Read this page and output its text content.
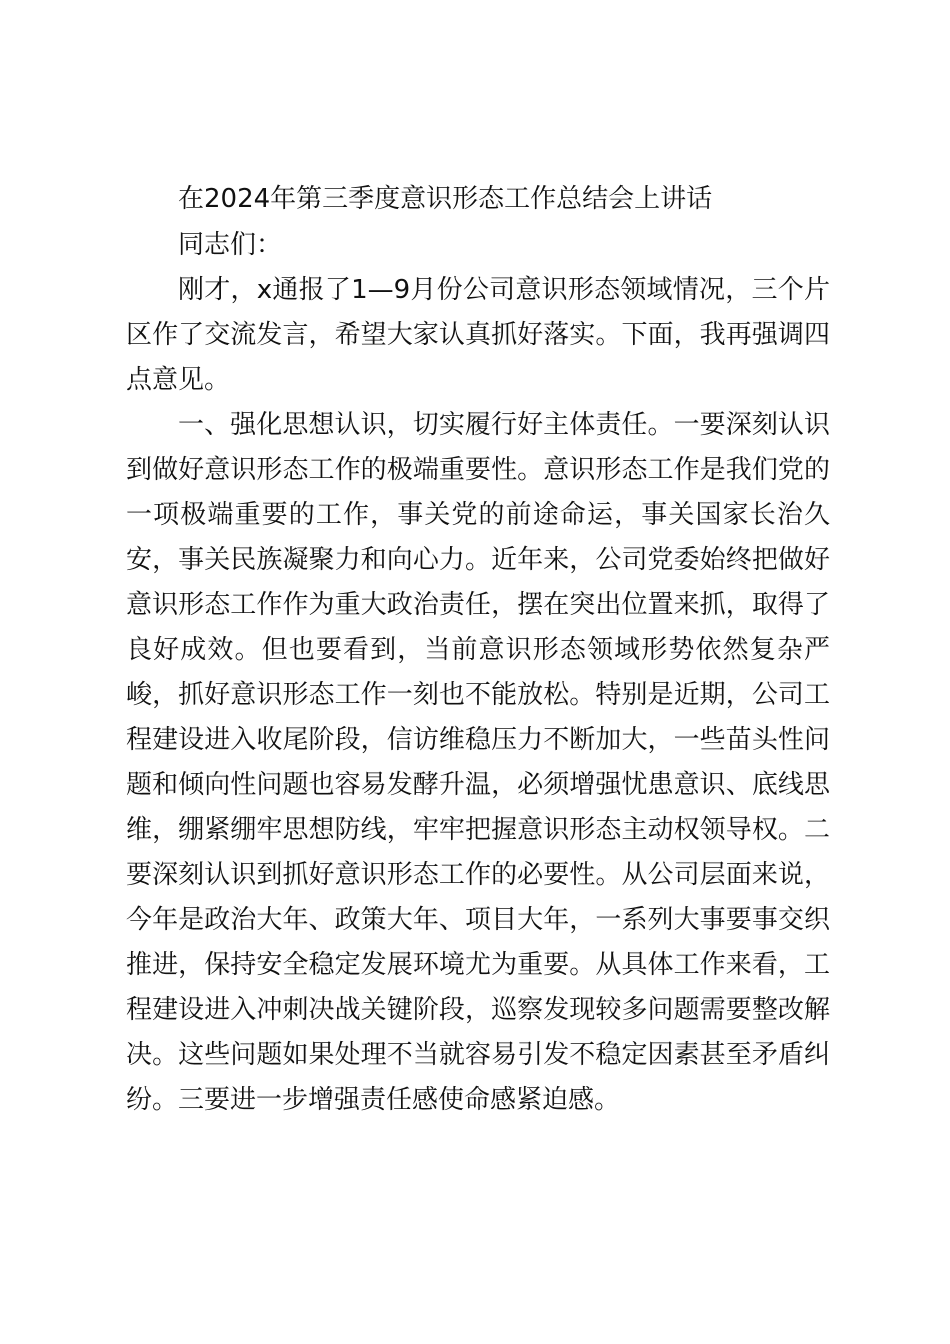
在2024年第三季度意识形态工作总结会上讲话

同志们：

刚才，x通报了1—9月份公司意识形态领域情况，三个片区作了交流发言，希望大家认真抓好落实。下面，我再强调四点意见。

一、强化思想认识，切实履行好主体责任。一要深刻认识到做好意识形态工作的极端重要性。意识形态工作是我们党的一项极端重要的工作，事关党的前途命运，事关国家长治久安，事关民族凝聚力和向心力。近年来，公司党委始终把做好意识形态工作作为重大政治责任，摆在突出位置来抓，取得了良好成效。但也要看到，当前意识形态领域形势依然复杂严峻，抓好意识形态工作一刻也不能放松。特别是近期，公司工程建设进入收尾阶段，信访维稳压力不断加大，一些苗头性问题和倾向性问题也容易发酵升温，必须增强忧患意识、底线思维，绷紧绷牢思想防线，牢牢把握意识形态主动权领导权。二要深刻认识到抓好意识形态工作的必要性。从公司层面来说，今年是政治大年、政策大年、项目大年，一系列大事要事交织推进，保持安全稳定发展环境尤为重要。从具体工作来看，工程建设进入冲刺决战关键阶段，巡察发现较多问题需要整改解决。这些问题如果处理不当就容易引发不稳定因素甚至矛盾纠纷。三要进一步增强责任感使命感紧迫感。
